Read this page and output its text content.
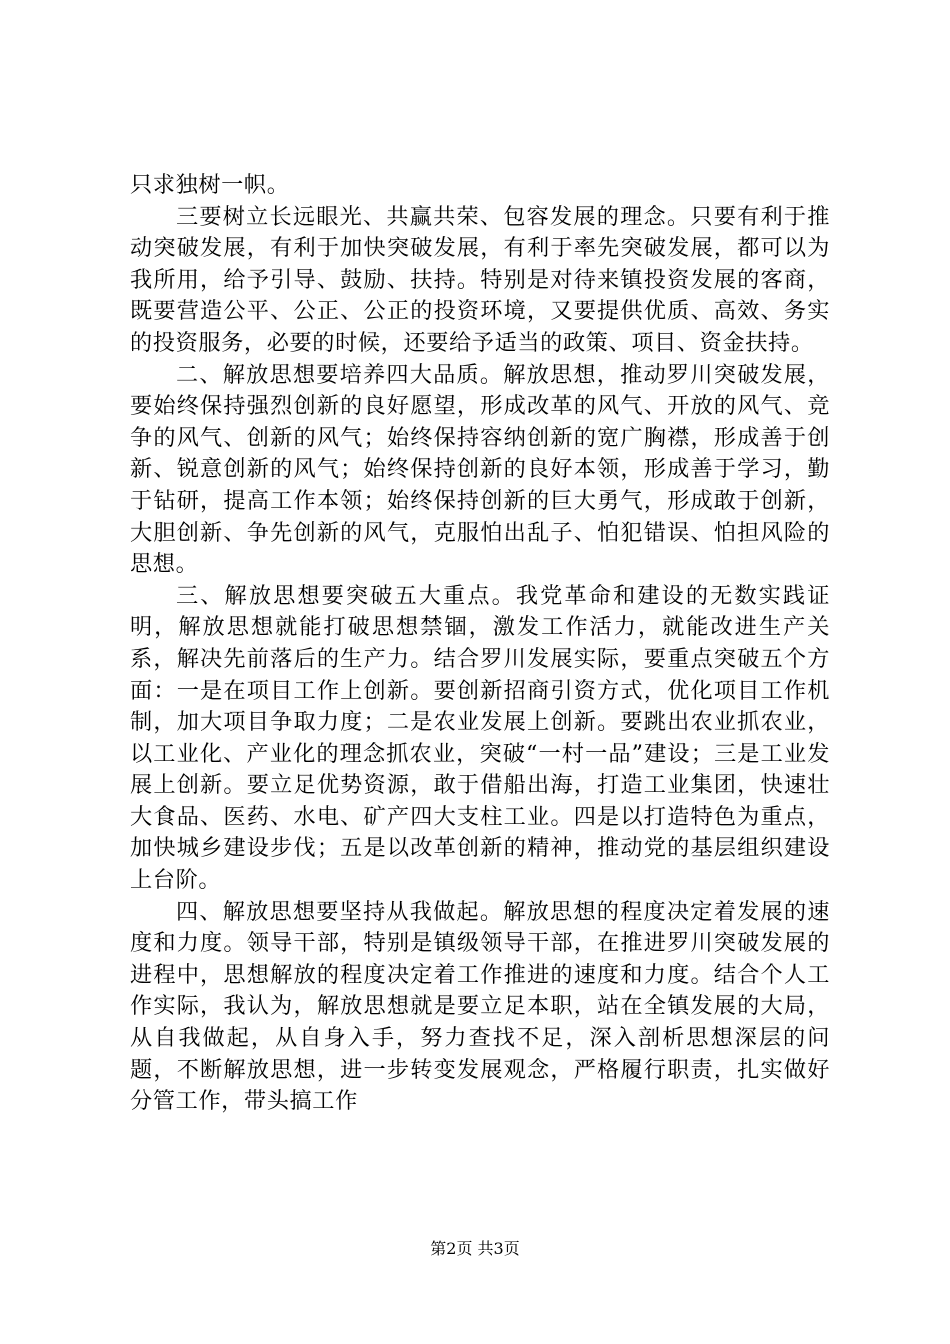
只求独树一帜。

三要树立长远眼光、共赢共荣、包容发展的理念。只要有利于推动突破发展，有利于加快突破发展，有利于率先突破发展，都可以为我所用，给予引导、鼓励、扶持。特别是对待来镇投资发展的客商，既要营造公平、公正、公正的投资环境，又要提供优质、高效、务实的投资服务，必要的时候，还要给予适当的政策、项目、资金扶持。

二、解放思想要培养四大品质。解放思想，推动罗川突破发展，要始终保持强烈创新的良好愿望，形成改革的风气、开放的风气、竞争的风气、创新的风气；始终保持容纳创新的宽广胸襟，形成善于创新、锐意创新的风气；始终保持创新的良好本领，形成善于学习，勤于钻研，提高工作本领；始终保持创新的巨大勇气，形成敢于创新，大胆创新、争先创新的风气，克服怕出乱子、怕犯错误、怕担风险的思想。

三、解放思想要突破五大重点。我党革命和建设的无数实践证明，解放思想就能打破思想禁锢，激发工作活力，就能改进生产关系，解决先前落后的生产力。结合罗川发展实际，要重点突破五个方面：一是在项目工作上创新。要创新招商引资方式，优化项目工作机制，加大项目争取力度；二是农业发展上创新。要跳出农业抓农业，以工业化、产业化的理念抓农业，突破“一村一品”建设；三是工业发展上创新。要立足优势资源，敢于借船出海，打造工业集团，快速壮大食品、医药、水电、矿产四大支柱工业。四是以打造特色为重点，加快城乡建设步伐；五是以改革创新的精神，推动党的基层组织建设上台阶。

四、解放思想要坚持从我做起。解放思想的程度决定着发展的速度和力度。领导干部，特别是镇级领导干部，在推进罗川突破发展的进程中，思想解放的程度决定着工作推进的速度和力度。结合个人工作实际，我认为，解放思想就是要立足本职，站在全镇发展的大局，从自我做起，从自身入手，努力查找不足，深入剖析思想深层的问题，不断解放思想，进一步转变发展观念，严格履行职责，扎实做好分管工作，带头搞工作

第2页 共3页
